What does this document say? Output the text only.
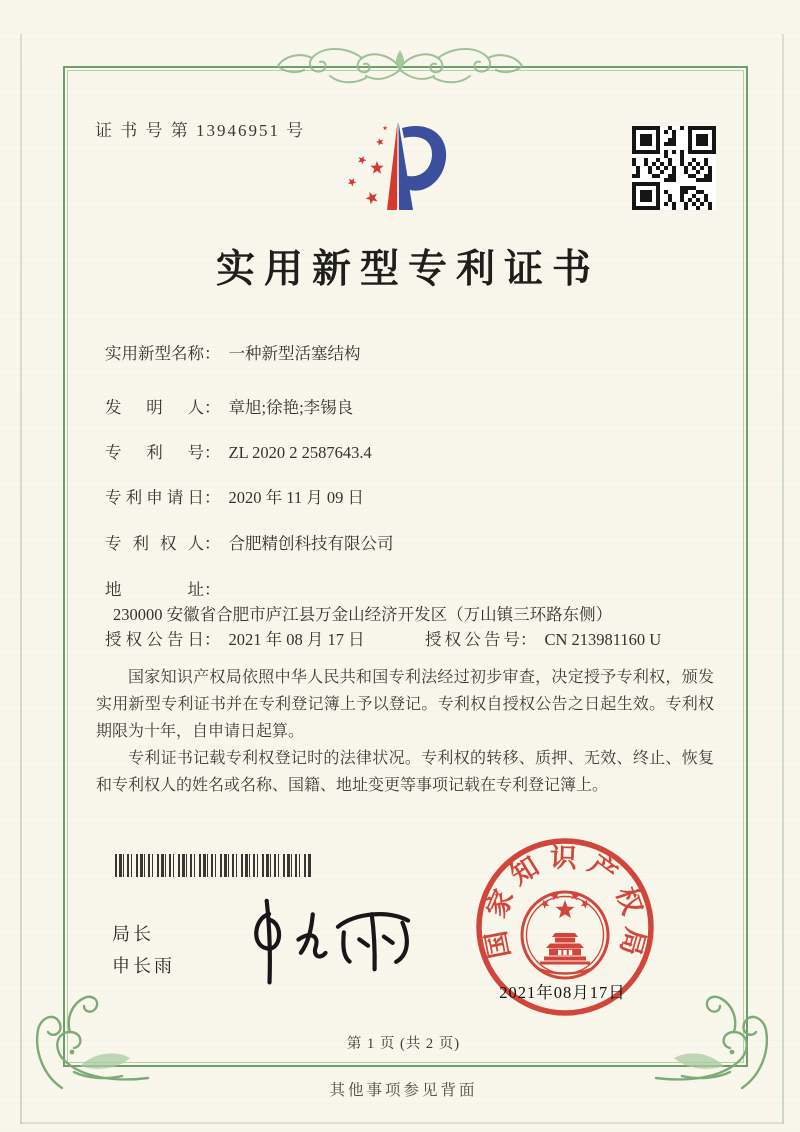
证 书 号 第 13946951 号
实用新型专利证书
实用新型名称： 一种新型活塞结构
发明人： 章旭;徐艳;李锡良
专利号： ZL 2020 2 2587643.4
专利申请日： 2020 年 11 月 09 日
专利权人： 合肥精创科技有限公司
地址：230000 安徽省合肥市庐江县万金山经济开发区（万山镇三环路东侧）
授权公告日： 2021 年 08 月 17 日	授权公告号： CN 213981160 U

国家知识产权局依照中华人民共和国专利法经过初步审查，决定授予专利权，颁发实用新型专利证书并在专利登记簿上予以登记。专利权自授权公告之日起生效。专利权期限为十年，自申请日起算。

专利证书记载专利权登记时的法律状况。专利权的转移、质押、无效、终止、恢复和专利权人的姓名或名称、国籍、地址变更等事项记载在专利登记簿上。

局长
申长雨
国家知识产权局
2021年08月17日
第 1 页 (共 2 页)
其他事项参见背面
